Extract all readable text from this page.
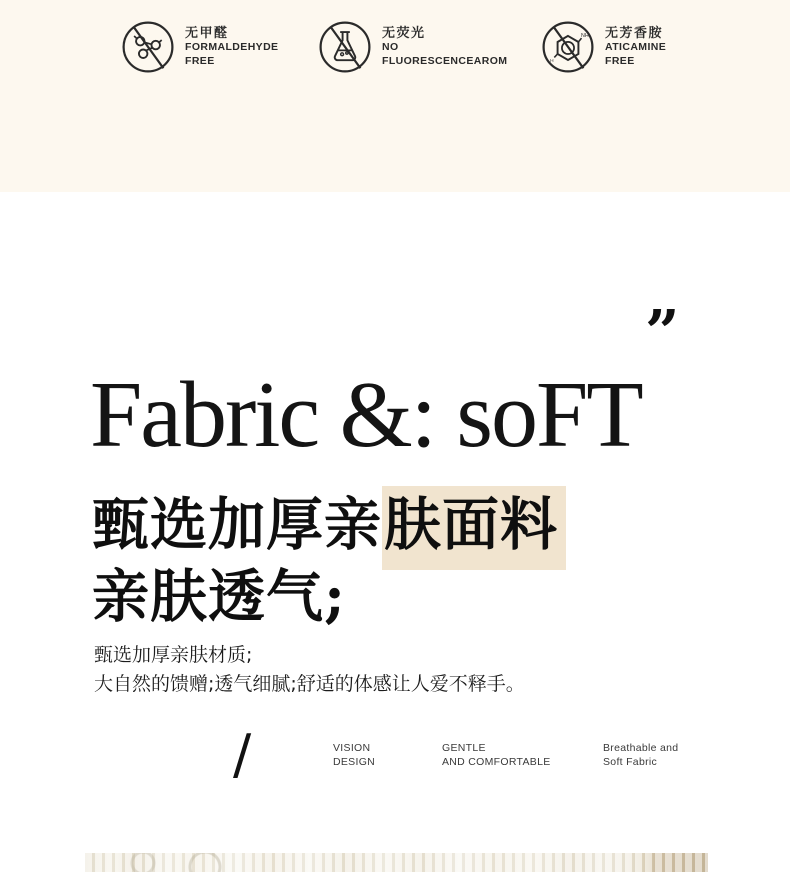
无甲醛
FORMALDEHYDE
FREE
无荧光
NO
FLUORESCENCEAROM
NH
H
无芳香胺
ATICAMINE
FREE
”
Fabric &: soFT
甄选加厚亲肤面料
亲肤透气;

甄选加厚亲肤材质;
大自然的馈赠;透气细腻;舒适的体感让人爱不释手。

/	VISION
DESIGN
GENTLE
AND COMFORTABLE
Breathable and
Soft Fabric
